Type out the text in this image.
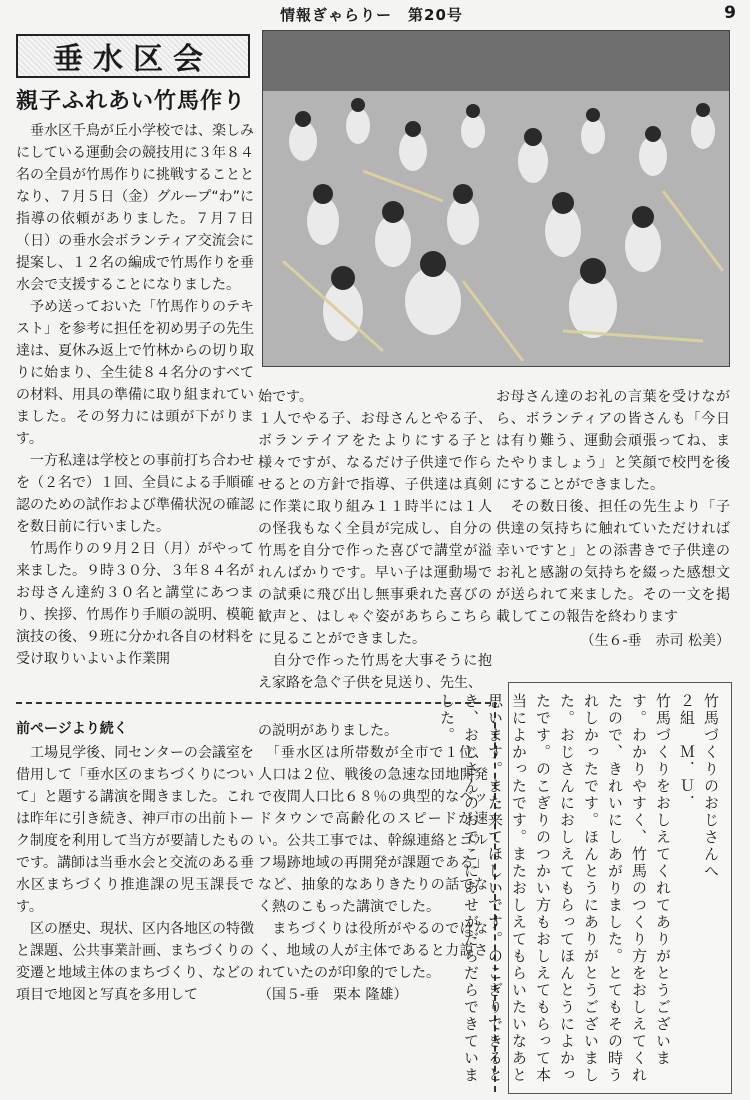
情報ぎゃらりー　第20号	9
垂水区会
親子ふれあい竹馬作り
　垂水区千鳥が丘小学校では、楽しみにしている運動会の競技用に３年８４名の全員が竹馬作りに挑戦することとなり、７月５日（金）グループ“わ”に指導の依頼がありました。７月７日（日）の垂水会ボランティア交流会に提案し、１２名の編成で竹馬作りを垂水会で支援することになりました。
　予め送っておいた「竹馬作りのテキスト」を参考に担任を初め男子の先生達は、夏休み返上で竹林からの切り取りに始まり、全生徒８４名分のすべての材料、用具の準備に取り組まれていました。その努力には頭が下がります。
　一方私達は学校との事前打ち合わせを（２名で）１回、全員による手順確認のための試作および準備状況の確認を数日前に行いました。
　竹馬作りの９月２日（月）がやって来ました。９時３０分、３年８４名がお母さん達約３０名と講堂にあつまり、挨拶、竹馬作り手順の説明、模範演技の後、９班に分かれ各自の材料を受け取りいよいよ作業開
始です。
１人でやる子、お母さんとやる子、ボランテイアをたよりにする子と様々ですが、なるだけ子供達で作らせるとの方針で指導、子供達は真剣に作業に取り組み１１時半には１人の怪我もなく全員が完成し、自分の竹馬を自分で作った喜びで講堂が溢れんばかりです。早い子は運動場での試乗に飛び出し無事乗れた喜びの歓声と、はしゃぐ姿があちらこちらに見ることができました。
　自分で作った竹馬を大事そうに抱え家路を急ぐ子供を見送り、先生、
お母さん達のお礼の言葉を受けながら、ボランティアの皆さんも「今日は有り難う、運動会頑張ってね、またやりましょう」と笑顔で校門を後にすることができました。
　その数日後、担任の先生より「子供達の気持ちに触れていただければ幸いですと」との添書きで子供達のお礼と感謝の気持ちを綴った感想文が送られて来ました。その一文を掲載してこの報告を終わります
（生６-垂　赤司 松美）
前ページより続く
　工場見学後、同センターの会議室を借用して「垂水区のまちづくりについて」と題する講演を聞きました。これは昨年に引き続き、神戸市の出前トーク制度を利用して当方が要請したものです。講師は当垂水会と交流のある垂水区まちづくり推進課の児玉課長です。
　区の歴史、現状、区内各地区の特徴と課題、公共事業計画、まちづくりの変遷と地域主体のまちづくり、などの項目で地図と写真を多用して
の説明がありました。
　「垂水区は所帯数が全市で１位、人口は２位、戦後の急速な団地開発で夜間人口比６８％の典型的なベッドタウンで高齢化のスピードが速い。公共工事では、幹線連絡とゴルフ場跡地域の再開発が課題である」など、抽象的なありきたりの話でなく熱のこもった講演でした。
　まちづくりは役所がやるのではなく、地域の人が主体であると力説されていたのが印象的でした。
（国５-垂　栗本 隆雄）
竹馬づくりのおじさんへ
２組　Ｍ．Ｕ．
竹馬づくりをおしえてくれてありがとうございます。わかりやすく、竹馬のつくり方をおしえてくれたので、きれいにしあがりました。とてもその時うれしかったです。ほんとうにありがとうございました。おじさんにおしえてもらってほんとうによかったです。のこぎりのつかい方もおしえてもらって本当によかったです。またおしえてもらいたいなあと思います。また来てほしいです。のこぎりできるとき、おじさんのおでこにあせがだらだらできていました。
